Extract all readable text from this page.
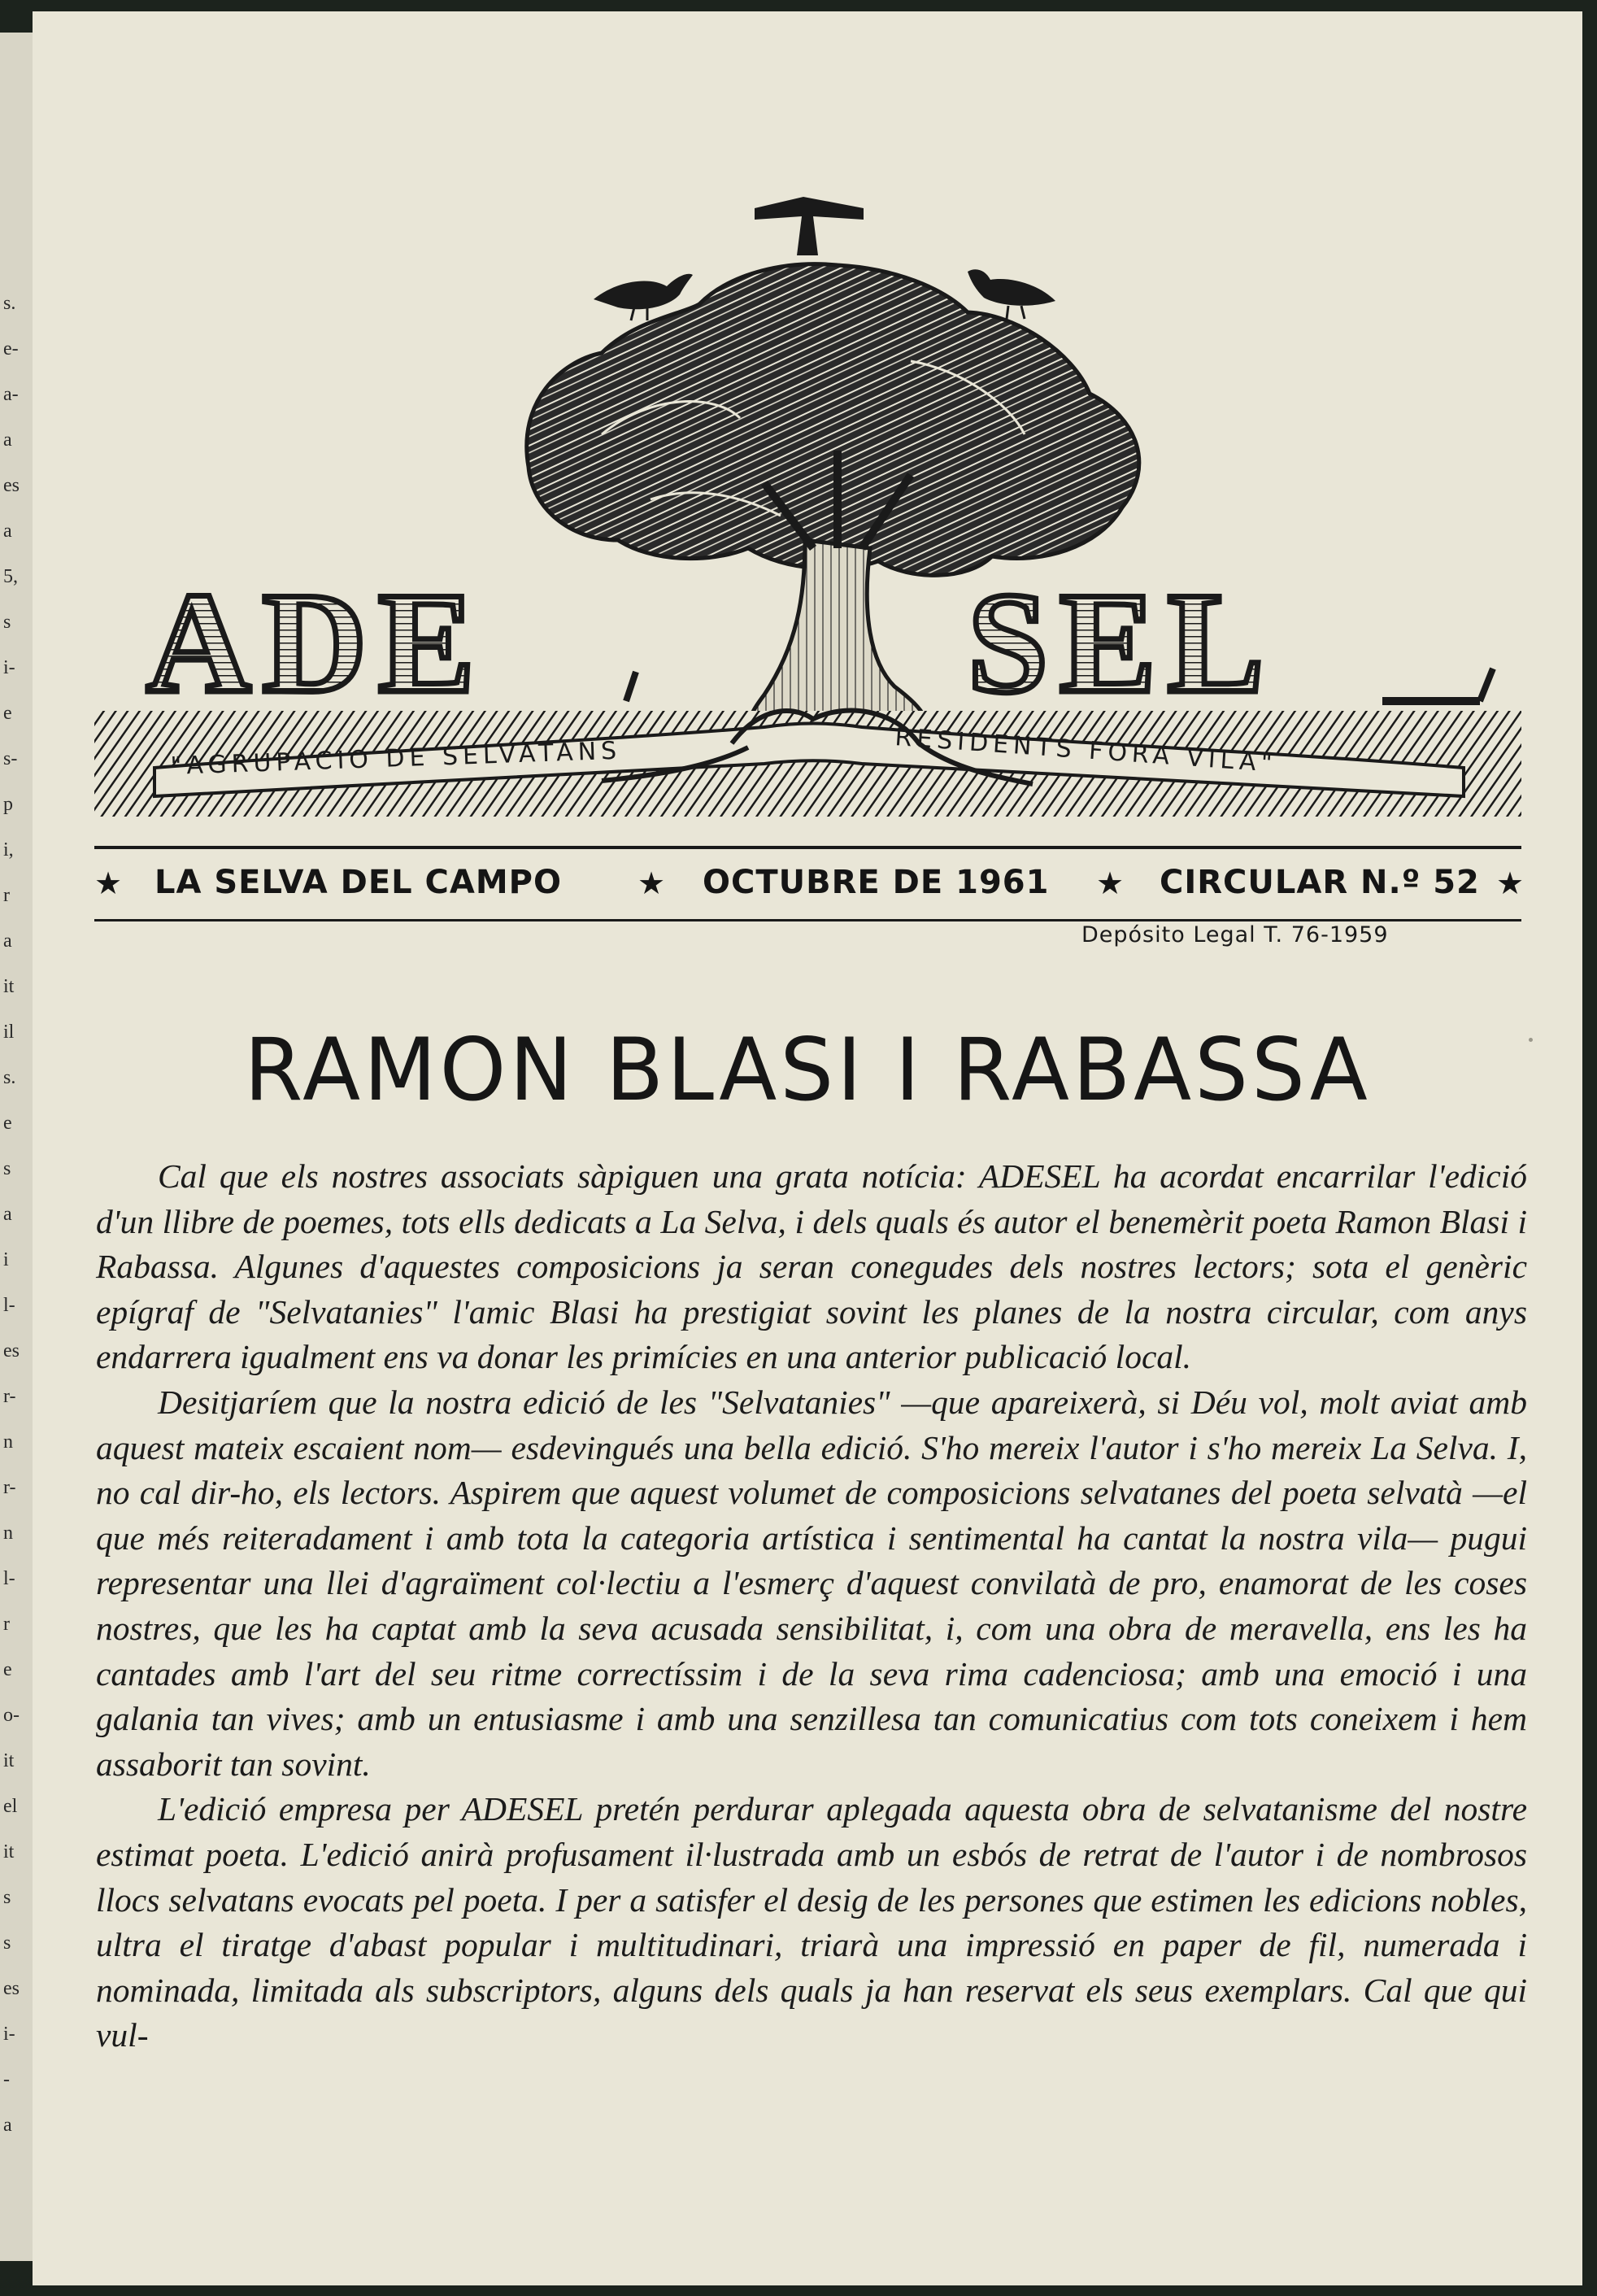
s.
e-
a-
a
es
a
5,
s
i-
e
s-
p
i,
r
a
it
il
s.
e
s
a
i
l-
es
r-
n
r-
n
l-
r
e
o-
it
el
it
s
s
es
i-
-
a
ADE	SEL
"AGRUPACIO DE SELVATANS	RESIDENTS FORA VILA"
★ LA SELVA DEL CAMPO ★ OCTUBRE DE 1961 ★ CIRCULAR N.º 52 ★
Depósito Legal T. 76-1959
RAMON BLASI I RABASSA

Cal que els nostres associats sàpiguen una grata notícia: ADESEL ha acordat encarrilar l'edició d'un llibre de poemes, tots ells dedicats a La Selva, i dels quals és autor el benemèrit poeta Ramon Blasi i Rabassa. Algunes d'aquestes composicions ja seran conegudes dels nostres lectors; sota el genèric epígraf de "Selvatanies" l'amic Blasi ha prestigiat sovint les planes de la nostra circular, com anys endarrera igualment ens va donar les primícies en una anterior publicació local.

Desitjaríem que la nostra edició de les "Selvatanies" —que apareixerà, si Déu vol, molt aviat amb aquest mateix escaient nom— esdevingués una bella edició. S'ho mereix l'autor i s'ho mereix La Selva. I, no cal dir-ho, els lectors. Aspirem que aquest volumet de composicions selvatanes del poeta selvatà —el que més reiteradament i amb tota la categoria artística i sentimental ha cantat la nostra vila— pugui representar una llei d'agraïment col·lectiu a l'esmerç d'aquest convilatà de pro, enamorat de les coses nostres, que les ha captat amb la seva acusada sensibilitat, i, com una obra de meravella, ens les ha cantades amb l'art del seu ritme correctíssim i de la seva rima cadenciosa; amb una emoció i una galania tan vives; amb un entusiasme i amb una senzillesa tan comunicatius com tots coneixem i hem assaborit tan sovint.

L'edició empresa per ADESEL pretén perdurar aplegada aquesta obra de selvatanisme del nostre estimat poeta. L'edició anirà profusament il·lustrada amb un esbós de retrat de l'autor i de nombrosos llocs selvatans evocats pel poeta. I per a satisfer el desig de les persones que estimen les edicions nobles, ultra el tiratge d'abast popular i multitudinari, triarà una impressió en paper de fil, numerada i nominada, limitada als subscriptors, alguns dels quals ja han reservat els seus exemplars. Cal que qui vul-
